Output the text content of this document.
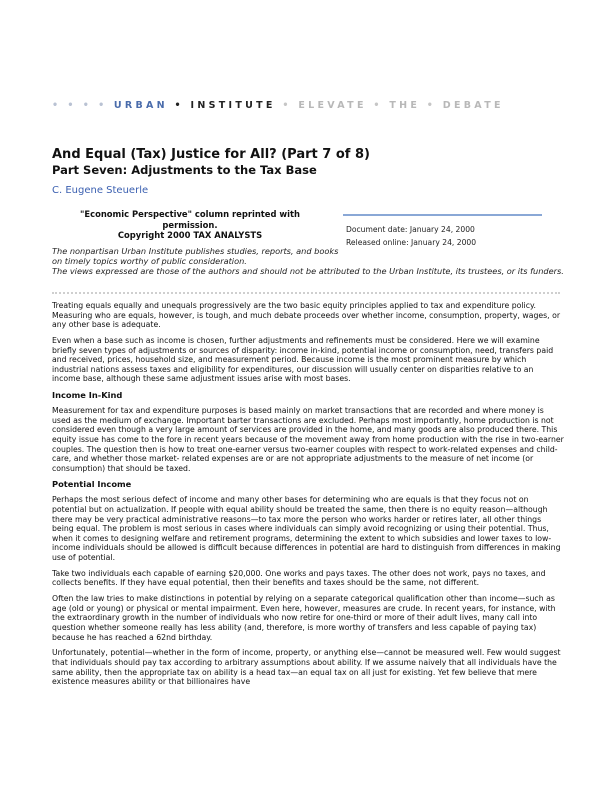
• • • • URBAN • INSTITUTE • ELEVATE • THE • DEBATE
And Equal (Tax) Justice for All? (Part 7 of 8)
Part Seven: Adjustments to the Tax Base
C. Eugene Steuerle
"Economic Perspective" column reprinted with permission.
Copyright 2000 TAX ANALYSTS
Document date: January 24, 2000
Released online: January 24, 2000
The nonpartisan Urban Institute publishes studies, reports, and books on timely topics worthy of public consideration.
The views expressed are those of the authors and should not be attributed to the Urban Institute, its trustees, or its funders.

Treating equals equally and unequals progressively are the two basic equity principles applied to tax and expenditure policy. Measuring who are equals, however, is tough, and much debate proceeds over whether income, consumption, property, wages, or any other base is adequate.

Even when a base such as income is chosen, further adjustments and refinements must be considered. Here we will examine briefly seven types of adjustments or sources of disparity: income in-kind, potential income or consumption, need, transfers paid and received, prices, household size, and measurement period. Because income is the most prominent measure by which industrial nations assess taxes and eligibility for expenditures, our discussion will usually center on disparities relative to an income base, although these same adjustment issues arise with most bases.

Income In-Kind

Measurement for tax and expenditure purposes is based mainly on market transactions that are recorded and where money is used as the medium of exchange. Important barter transactions are excluded. Perhaps most importantly, home production is not considered even though a very large amount of services are provided in the home, and many goods are also produced there. This equity issue has come to the fore in recent years because of the movement away from home production with the rise in two-earner couples. The question then is how to treat one-earner versus two-earner couples with respect to work-related expenses and child-care, and whether those market- related expenses are or are not appropriate adjustments to the measure of net income (or consumption) that should be taxed.

Potential Income

Perhaps the most serious defect of income and many other bases for determining who are equals is that they focus not on potential but on actualization. If people with equal ability should be treated the same, then there is no equity reason—although there may be very practical administrative reasons—to tax more the person who works harder or retires later, all other things being equal. The problem is most serious in cases where individuals can simply avoid recognizing or using their potential. Thus, when it comes to designing welfare and retirement programs, determining the extent to which subsidies and lower taxes to low-income individuals should be allowed is difficult because differences in potential are hard to distinguish from differences in making use of potential.

Take two individuals each capable of earning $20,000. One works and pays taxes. The other does not work, pays no taxes, and collects benefits. If they have equal potential, then their benefits and taxes should be the same, not different.

Often the law tries to make distinctions in potential by relying on a separate categorical qualification other than income—such as age (old or young) or physical or mental impairment. Even here, however, measures are crude. In recent years, for instance, with the extraordinary growth in the number of individuals who now retire for one-third or more of their adult lives, many call into question whether someone really has less ability (and, therefore, is more worthy of transfers and less capable of paying tax) because he has reached a 62nd birthday.

Unfortunately, potential—whether in the form of income, property, or anything else—cannot be measured well. Few would suggest that individuals should pay tax according to arbitrary assumptions about ability. If we assume naively that all individuals have the same ability, then the appropriate tax on ability is a head tax—an equal tax on all just for existing. Yet few believe that mere existence measures ability or that billionaires have
